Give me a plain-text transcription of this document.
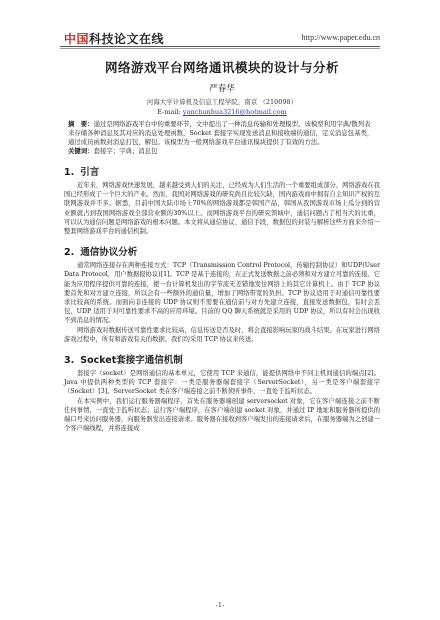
中国科技论文在线	http://www.paper.edu.cn
网络游戏平台网络通讯模块的设计与分析
严春华
河海大学计算机及信息工程学院，南京 （210098）
E-mail: yanchunhua3216@hotmail.com
摘　要：通过是网络游戏平台中的重要环节，文中提出了一种消息传输和处理模型。该模型利用字典/散列表来存储各种消息及其对应的消息处理函数，Socket 套接字实现发送消息和接收端的通信，定义消息包基类，通过成员函数封消息打包、解包。该模型为一般网络游戏平台通讯模块提供了有效的方法。
关键词：套接字；字典；消息包
1. 引言

近年来，网络游戏快速发展，越来越受到人们的关注，已经成为人们生活的一个重要组成部分，网络游戏在我国已经形成了一个巨大的产业。然而，我国对网络游戏的研究尚且比较欠缺，国内游戏商中拥有自主知识产权的互联网游戏并不多。据悉，目前中国大陆市场上70%的网络游戏都是韩国产品，韩国从我国游戏市场上瓜分到的营业额就占到我国网络游戏全部营业额的30%以上。而网络游戏平台的研究领域中，通信问题占了相当大的比重，可以认为通信问题是网络游戏的根本问题。本文将从通信协议、通信手段、数据包的封装与解析这些方面来介绍一整套网络游戏平台的通信机制。

2. 通信协议分析

通常网络连接存在两种连接方式：TCP（Transmission Control Protocol，传输控制协议）和UDP(User Data Protocol，用户数据报协议)[1]。TCP 是基于连接的，在正式发送数据之前必须和对方建立可靠的连接。它能为应用程序提供可靠的连接，使一台计算机发出的字节流无差错地发往网络上的其它计算机上。由于 TCP 协议要首先和对方建立连接，所以会有一些额外的通信量，增加了网络带宽的负担。TCP 协议适用于对通信可靠性要求比较高的系统。而面向非连接的 UDP 协议则不需要在通信前与对方先建立连接，直接发送数据包，有时会丢包，UDP 适用于对可靠性要求不高的应用环境。目前的 QQ 聊天系统就是采用的 UDP 协议，所以有时会出现收不到消息的情况。

网络游戏对数据传送可靠性要求比较高，信息传送是否及时，将会直接影响玩家的战斗结果。在玩家进行网络游戏过程中，所有和游戏有关的数据，我们均采用 TCP 协议来传送。

3. Socket套接字通信机制

套接字（socket）是网络通信的基本单元，它使用 TCP 来通信，能提供网络中不同主机间通信的端点[2]。Java 中提供两种类型的 TCP 套接字：一类是服务器端套接字（ServerSocket），另一类是客户端套接字（Socket）[3]。ServerSocket 类在客户端连接之前不断侦听事件，一直处于监听状态。

在本实例中，我们运行服务器端程序，首先在服务器端创建 serversocket 对象，它在客户端连接之前不断任何事情，一直处于监听状态；运行客户端程序，在客户端创建 socket 对象，并通过 IP 地址和服务器所提供的端口号来访问服务器，向服务器发出连接请求。服务器在接收到客户端发出的连接请求后，在服务器端为之创建一个客户端线程，并将连接成

-1-
